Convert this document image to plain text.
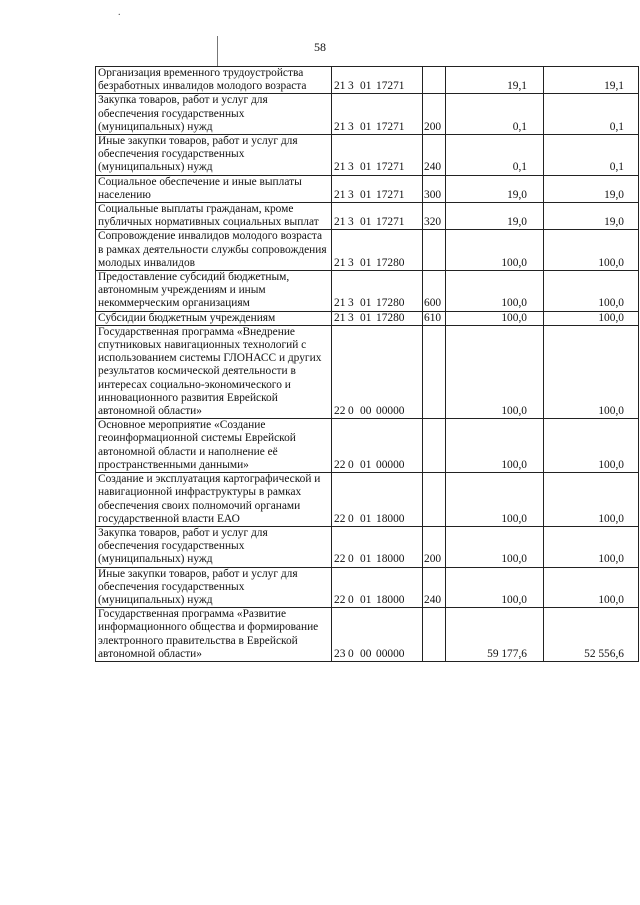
.
58
Организация временного трудоустройства безработных инвалидов молодого возраста	21 3 01 17271		19,1	19,1
Закупка товаров, работ и услуг для обеспечения государственных (муниципальных) нужд	21 3 01 17271	200	0,1	0,1
Иные закупки товаров, работ и услуг для обеспечения государственных (муниципальных) нужд	21 3 01 17271	240	0,1	0,1
Социальное обеспечение и иные выплаты населению	21 3 01 17271	300	19,0	19,0
Социальные выплаты гражданам, кроме публичных нормативных социальных выплат	21 3 01 17271	320	19,0	19,0
Сопровождение инвалидов молодого возраста в рамках деятельности службы сопровождения молодых инвалидов	21 3 01 17280		100,0	100,0
Предоставление субсидий бюджетным, автономным учреждениям и иным некоммерческим организациям	21 3 01 17280	600	100,0	100,0
Субсидии бюджетным учреждениям	21 3 01 17280	610	100,0	100,0
Государственная программа «Внедрение спутниковых навигационных технологий с использованием системы ГЛОНАСС и других результатов космической деятельности в интересах социально-экономического и инновационного развития Еврейской автономной области»	22 0 00 00000		100,0	100,0
Основное мероприятие «Создание геоинформационной системы Еврейской автономной области и наполнение её пространственными данными»	22 0 01 00000		100,0	100,0
Создание и эксплуатация картографической и навигационной инфраструктуры в рамках обеспечения своих полномочий органами государственной власти ЕАО	22 0 01 18000		100,0	100,0
Закупка товаров, работ и услуг для обеспечения государственных (муниципальных) нужд	22 0 01 18000	200	100,0	100,0
Иные закупки товаров, работ и услуг для обеспечения государственных (муниципальных) нужд	22 0 01 18000	240	100,0	100,0
Государственная программа «Развитие информационного общества и формирование электронного правительства в Еврейской автономной области»	23 0 00 00000		59 177,6	52 556,6
